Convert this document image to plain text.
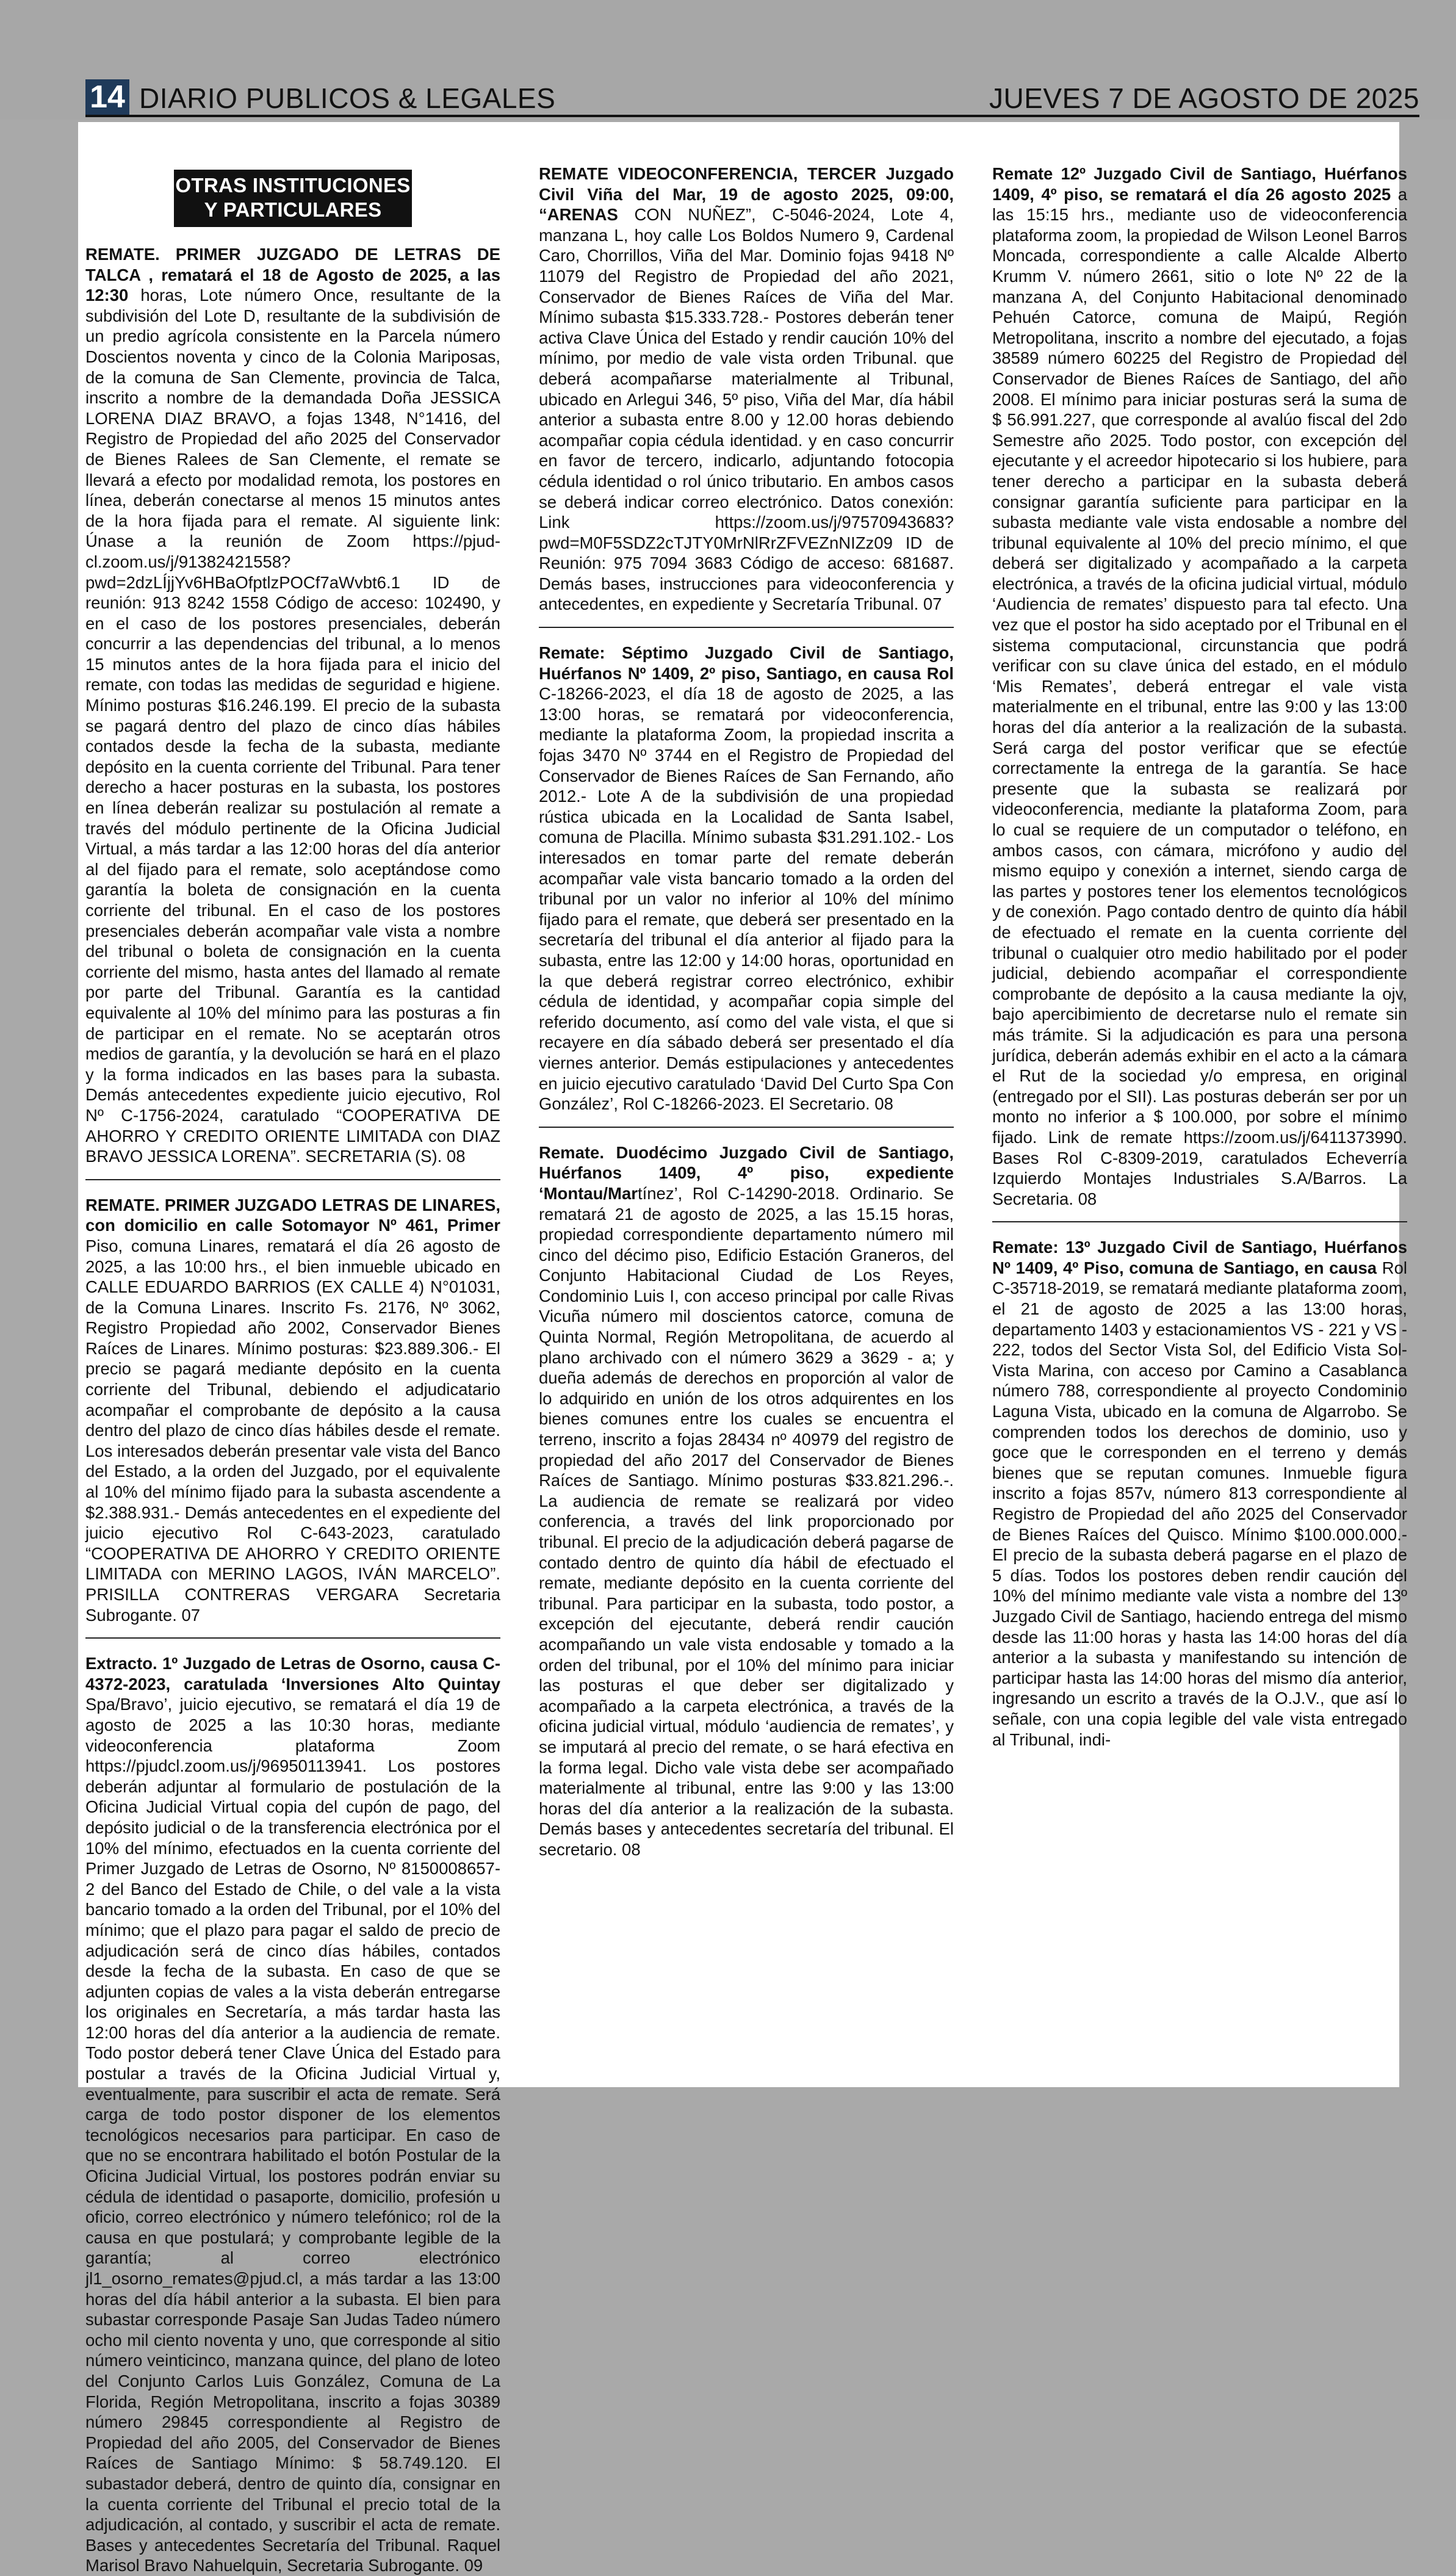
14 DIARIO PUBLICOS & LEGALES	JUEVES 7 DE AGOSTO DE 2025
OTRAS INSTITUCIONES
Y PARTICULARES

REMATE. PRIMER JUZGADO DE LETRAS DE TALCA , rematará el 18 de Agosto de 2025, a las 12:30 horas, Lote número Once, resultante de la subdivisión del Lote D, resultante de la subdivisión de un predio agrícola consistente en la Parcela número Doscientos noventa y cinco de la Colonia Mariposas, de la comuna de San Clemente, provincia de Talca, inscrito a nombre de la demandada Doña JESSICA LORENA DIAZ BRAVO, a fojas 1348, N°1416, del Registro de Propiedad del año 2025 del Conservador de Bienes Ralees de San Clemente, el remate se llevará a efecto por modalidad remota, los postores en línea, deberán conectarse al menos 15 minutos antes de la hora fijada para el remate. Al siguiente link: Únase a la reunión de Zoom https://pjud-cl.zoom.us/j/91382421558?pwd=2dzLÍjjYv6HBaOfptlzPOCf7aWvbt6.1 ID de reunión: 913 8242 1558 Código de acceso: 102490, y en el caso de los postores presenciales, deberán concurrir a las dependencias del tribunal, a lo menos 15 minutos antes de la hora fijada para el inicio del remate, con todas las medidas de seguridad e higiene. Mínimo posturas $16.246.199. El precio de la subasta se pagará dentro del plazo de cinco días hábiles contados desde la fecha de la subasta, mediante depósito en la cuenta corriente del Tribunal. Para tener derecho a hacer posturas en la subasta, los postores en línea deberán realizar su postulación al remate a través del módulo pertinente de la Oficina Judicial Virtual, a más tardar a las 12:00 horas del día anterior al del fijado para el remate, solo aceptándose como garantía la boleta de consignación en la cuenta corriente del tribunal. En el caso de los postores presenciales deberán acompañar vale vista a nombre del tribunal o boleta de consignación en la cuenta corriente del mismo, hasta antes del llamado al remate por parte del Tribunal. Garantía es la cantidad equivalente al 10% del mínimo para las posturas a fin de participar en el remate. No se aceptarán otros medios de garantía, y la devolución se hará en el plazo y la forma indicados en las bases para la subasta. Demás antecedentes expediente juicio ejecutivo, Rol Nº C-1756-2024, caratulado “COOPERATIVA DE AHORRO Y CREDITO ORIENTE LIMITADA con DIAZ BRAVO JESSICA LORENA”. SECRETARIA (S). 08

REMATE. PRIMER JUZGADO LETRAS DE LINARES, con domicilio en calle Sotomayor Nº 461, Primer Piso, comuna Linares, rematará el día 26 agosto de 2025, a las 10:00 hrs., el bien inmueble ubicado en CALLE EDUARDO BARRIOS (EX CALLE 4) N°01031, de la Comuna Linares. Inscrito Fs. 2176, Nº 3062, Registro Propiedad año 2002, Conservador Bienes Raíces de Linares. Mínimo posturas: $23.889.306.- El precio se pagará mediante depósito en la cuenta corriente del Tribunal, debiendo el adjudicatario acompañar el comprobante de depósito a la causa dentro del plazo de cinco días hábiles desde el remate. Los interesados deberán presentar vale vista del Banco del Estado, a la orden del Juzgado, por el equivalente al 10% del mínimo fijado para la subasta ascendente a $2.388.931.- Demás antecedentes en el expediente del juicio ejecutivo Rol C-643-2023, caratulado “COOPERATIVA DE AHORRO Y CREDITO ORIENTE LIMITADA con MERINO LAGOS, IVÁN MARCELO”. PRISILLA CONTRERAS VERGARA Secretaria Subrogante. 07

Extracto. 1º Juzgado de Letras de Osorno, causa C-4372-2023, caratulada ‘Inversiones Alto Quintay Spa/Bravo’, juicio ejecutivo, se rematará el día 19 de agosto de 2025 a las 10:30 horas, mediante videoconferencia plataforma Zoom https://pjudcl.zoom.us/j/96950113941. Los postores deberán adjuntar al formulario de postulación de la Oficina Judicial Virtual copia del cupón de pago, del depósito judicial o de la transferencia electrónica por el 10% del mínimo, efectuados en la cuenta corriente del Primer Juzgado de Letras de Osorno, Nº 8150008657-2 del Banco del Estado de Chile, o del vale a la vista bancario tomado a la orden del Tribunal, por el 10% del mínimo; que el plazo para pagar el saldo de precio de adjudicación será de cinco días hábiles, contados desde la fecha de la subasta. En caso de que se adjunten copias de vales a la vista deberán entregarse los originales en Secretaría, a más tardar hasta las 12:00 horas del día anterior a la audiencia de remate. Todo postor deberá tener Clave Única del Estado para postular a través de la Oficina Judicial Virtual y, eventualmente, para suscribir el acta de remate. Será carga de todo postor disponer de los elementos tecnológicos necesarios para participar. En caso de que no se encontrara habilitado el botón Postular de la Oficina Judicial Virtual, los postores podrán enviar su cédula de identidad o pasaporte, domicilio, profesión u oficio, correo electrónico y número telefónico; rol de la causa en que postulará; y comprobante legible de la garantía; al correo electrónico jl1_osorno_remates@pjud.cl, a más tardar a las 13:00 horas del día hábil anterior a la subasta. El bien para subastar corresponde Pasaje San Judas Tadeo número ocho mil ciento noventa y uno, que corresponde al sitio número veinticinco, manzana quince, del plano de loteo del Conjunto Carlos Luis González, Comuna de La Florida, Región Metropolitana, inscrito a fojas 30389 número 29845 correspondiente al Registro de Propiedad del año 2005, del Conservador de Bienes Raíces de Santiago Mínimo: $ 58.749.120. El subastador deberá, dentro de quinto día, consignar en la cuenta corriente del Tribunal el precio total de la adjudicación, al contado, y suscribir el acta de remate. Bases y antecedentes Secretaría del Tribunal. Raquel Marisol Bravo Nahuelquin, Secretaria Subrogante. 09

REMATE VIDEOCONFERENCIA, TERCER Juzgado Civil Viña del Mar, 19 de agosto 2025, 09:00, “ARENAS CON NUÑEZ”, C-5046-2024, Lote 4, manzana L, hoy calle Los Boldos Numero 9, Cardenal Caro, Chorrillos, Viña del Mar. Dominio fojas 9418 Nº 11079 del Registro de Propiedad del año 2021, Conservador de Bienes Raíces de Viña del Mar. Mínimo subasta $15.333.728.- Postores deberán tener activa Clave Única del Estado y rendir caución 10% del mínimo, por medio de vale vista orden Tribunal. que deberá acompañarse materialmente al Tribunal, ubicado en Arlegui 346, 5º piso, Viña del Mar, día hábil anterior a subasta entre 8.00 y 12.00 horas debiendo acompañar copia cédula identidad. y en caso concurrir en favor de tercero, indicarlo, adjuntando fotocopia cédula identidad o rol único tributario. En ambos casos se deberá indicar correo electrónico. Datos conexión: Link https://zoom.us/j/97570943683?pwd=M0F5SDZ2cTJTY0MrNlRrZFVEZnNIZz09 ID de Reunión: 975 7094 3683 Código de acceso: 681687. Demás bases, instrucciones para videoconferencia y antecedentes, en expediente y Secretaría Tribunal. 07

Remate: Séptimo Juzgado Civil de Santiago, Huérfanos Nº 1409, 2º piso, Santiago, en causa Rol C-18266-2023, el día 18 de agosto de 2025, a las 13:00 horas, se rematará por videoconferencia, mediante la plataforma Zoom, la propiedad inscrita a fojas 3470 Nº 3744 en el Registro de Propiedad del Conservador de Bienes Raíces de San Fernando, año 2012.- Lote A de la subdivisión de una propiedad rústica ubicada en la Localidad de Santa Isabel, comuna de Placilla. Mínimo subasta $31.291.102.- Los interesados en tomar parte del remate deberán acompañar vale vista bancario tomado a la orden del tribunal por un valor no inferior al 10% del mínimo fijado para el remate, que deberá ser presentado en la secretaría del tribunal el día anterior al fijado para la subasta, entre las 12:00 y 14:00 horas, oportunidad en la que deberá registrar correo electrónico, exhibir cédula de identidad, y acompañar copia simple del referido documento, así como del vale vista, el que si recayere en día sábado deberá ser presentado el día viernes anterior. Demás estipulaciones y antecedentes en juicio ejecutivo caratulado ‘David Del Curto Spa Con González’, Rol C-18266-2023. El Secretario. 08

Remate. Duodécimo Juzgado Civil de Santiago, Huérfanos 1409, 4º piso, expediente ‘Montau/Martínez’, Rol C-14290-2018. Ordinario. Se rematará 21 de agosto de 2025, a las 15.15 horas, propiedad correspondiente departamento número mil cinco del décimo piso, Edificio Estación Graneros, del Conjunto Habitacional Ciudad de Los Reyes, Condominio Luis I, con acceso principal por calle Rivas Vicuña número mil doscientos catorce, comuna de Quinta Normal, Región Metropolitana, de acuerdo al plano archivado con el número 3629 a 3629 - a; y dueña además de derechos en proporción al valor de lo adquirido en unión de los otros adquirentes en los bienes comunes entre los cuales se encuentra el terreno, inscrito a fojas 28434 nº 40979 del registro de propiedad del año 2017 del Conservador de Bienes Raíces de Santiago. Mínimo posturas $33.821.296.-. La audiencia de remate se realizará por video conferencia, a través del link proporcionado por tribunal. El precio de la adjudicación deberá pagarse de contado dentro de quinto día hábil de efectuado el remate, mediante depósito en la cuenta corriente del tribunal. Para participar en la subasta, todo postor, a excepción del ejecutante, deberá rendir caución acompañando un vale vista endosable y tomado a la orden del tribunal, por el 10% del mínimo para iniciar las posturas el que deber ser digitalizado y acompañado a la carpeta electrónica, a través de la oficina judicial virtual, módulo ‘audiencia de remates’, y se imputará al precio del remate, o se hará efectiva en la forma legal. Dicho vale vista debe ser acompañado materialmente al tribunal, entre las 9:00 y las 13:00 horas del día anterior a la realización de la subasta. Demás bases y antecedentes secretaría del tribunal. El secretario. 08

Remate 12º Juzgado Civil de Santiago, Huérfanos 1409, 4º piso, se rematará el día 26 agosto 2025 a las 15:15 hrs., mediante uso de videoconferencia plataforma zoom, la propiedad de Wilson Leonel Barros Moncada, correspondiente a calle Alcalde Alberto Krumm V. número 2661, sitio o lote Nº 22 de la manzana A, del Conjunto Habitacional denominado Pehuén Catorce, comuna de Maipú, Región Metropolitana, inscrito a nombre del ejecutado, a fojas 38589 número 60225 del Registro de Propiedad del Conservador de Bienes Raíces de Santiago, del año 2008. El mínimo para iniciar posturas será la suma de $ 56.991.227, que corresponde al avalúo fiscal del 2do Semestre año 2025. Todo postor, con excepción del ejecutante y el acreedor hipotecario si los hubiere, para tener derecho a participar en la subasta deberá consignar garantía suficiente para participar en la subasta mediante vale vista endosable a nombre del tribunal equivalente al 10% del precio mínimo, el que deberá ser digitalizado y acompañado a la carpeta electrónica, a través de la oficina judicial virtual, módulo ‘Audiencia de remates’ dispuesto para tal efecto. Una vez que el postor ha sido aceptado por el Tribunal en el sistema computacional, circunstancia que podrá verificar con su clave única del estado, en el módulo ‘Mis Remates’, deberá entregar el vale vista materialmente en el tribunal, entre las 9:00 y las 13:00 horas del día anterior a la realización de la subasta. Será carga del postor verificar que se efectúe correctamente la entrega de la garantía. Se hace presente que la subasta se realizará por videoconferencia, mediante la plataforma Zoom, para lo cual se requiere de un computador o teléfono, en ambos casos, con cámara, micrófono y audio del mismo equipo y conexión a internet, siendo carga de las partes y postores tener los elementos tecnológicos y de conexión. Pago contado dentro de quinto día hábil de efectuado el remate en la cuenta corriente del tribunal o cualquier otro medio habilitado por el poder judicial, debiendo acompañar el correspondiente comprobante de depósito a la causa mediante la ojv, bajo apercibimiento de decretarse nulo el remate sin más trámite. Si la adjudicación es para una persona jurídica, deberán además exhibir en el acto a la cámara el Rut de la sociedad y/o empresa, en original (entregado por el SII). Las posturas deberán ser por un monto no inferior a $ 100.000, por sobre el mínimo fijado. Link de remate https://zoom.us/j/6411373990. Bases Rol C-8309-2019, caratulados Echeverría Izquierdo Montajes Industriales S.A/Barros. La Secretaria. 08

Remate: 13º Juzgado Civil de Santiago, Huérfanos Nº 1409, 4º Piso, comuna de Santiago, en causa Rol C-35718-2019, se rematará mediante plataforma zoom, el 21 de agosto de 2025 a las 13:00 horas, departamento 1403 y estacionamientos VS - 221 y VS - 222, todos del Sector Vista Sol, del Edificio Vista Sol-Vista Marina, con acceso por Camino a Casablanca número 788, correspondiente al proyecto Condominio Laguna Vista, ubicado en la comuna de Algarrobo. Se comprenden todos los derechos de dominio, uso y goce que le corresponden en el terreno y demás bienes que se reputan comunes. Inmueble figura inscrito a fojas 857v, número 813 correspondiente al Registro de Propiedad del año 2025 del Conservador de Bienes Raíces del Quisco. Mínimo $100.000.000.- El precio de la subasta deberá pagarse en el plazo de 5 días. Todos los postores deben rendir caución del 10% del mínimo mediante vale vista a nombre del 13º Juzgado Civil de Santiago, haciendo entrega del mismo desde las 11:00 horas y hasta las 14:00 horas del día anterior a la subasta y manifestando su intención de participar hasta las 14:00 horas del mismo día anterior, ingresando un escrito a través de la O.J.V., que así lo señale, con una copia legible del vale vista entregado al Tribunal, indi-
